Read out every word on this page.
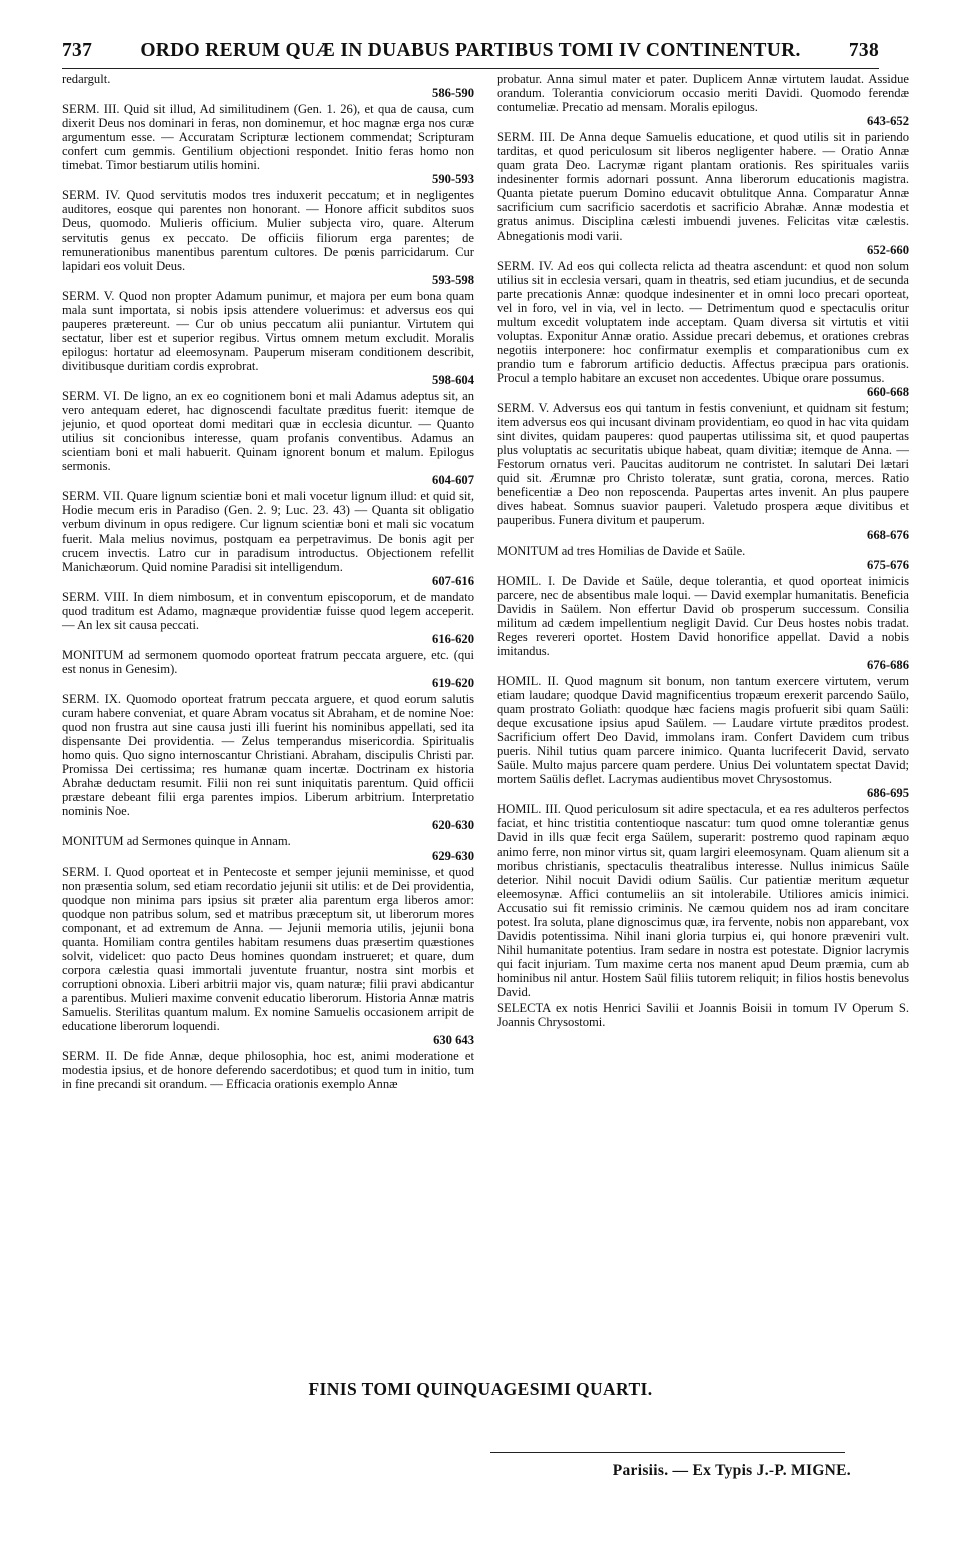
737	ORDO RERUM QUÆ IN DUABUS PARTIBUS TOMI IV CONTINENTUR.	738

redargult.

586-590

SERM. III. Quid sit illud, Ad similitudinem (Gen. 1. 26), et qua de causa, cum dixerit Deus nos dominari in feras, non dominemur, et hoc magnæ erga nos curæ argumentum esse. — Accuratam Scripturæ lectionem commendat; Scripturam confert cum gemmis. Gentilium objectioni respondet. Initio feras homo non timebat. Timor bestiarum utilis homini.

590-593

SERM. IV. Quod servitutis modos tres induxerit peccatum; et in negligentes auditores, eosque qui parentes non honorant. — Honore afficit subditos suos Deus, quomodo. Mulieris officium. Mulier subjecta viro, quare. Alterum servitutis genus ex peccato. De officiis filiorum erga parentes; de remunerationibus manentibus parentum cultores. De pœnis parricidarum. Cur lapidari eos voluit Deus.

593-598

SERM. V. Quod non propter Adamum punimur, et majora per eum bona quam mala sunt importata, si nobis ipsis attendere voluerimus: et adversus eos qui pauperes prætereunt. — Cur ob unius peccatum alii puniantur. Virtutem qui sectatur, liber est et superior regibus. Virtus omnem metum excludit. Moralis epilogus: hortatur ad eleemosynam. Pauperum miseram conditionem describit, divitibusque duritiam cordis exprobrat.

598-604

SERM. VI. De ligno, an ex eo cognitionem boni et mali Adamus adeptus sit, an vero antequam ederet, hac dignoscendi facultate præditus fuerit: itemque de jejunio, et quod oporteat domi meditari quæ in ecclesia dicuntur. — Quanto utilius sit concionibus interesse, quam profanis conventibus. Adamus an scientiam boni et mali habuerit. Quinam ignorent bonum et malum. Epilogus sermonis.

604-607

SERM. VII. Quare lignum scientiæ boni et mali vocetur lignum illud: et quid sit, Hodie mecum eris in Paradiso (Gen. 2. 9; Luc. 23. 43) — Quanta sit obligatio verbum divinum in opus redigere. Cur lignum scientiæ boni et mali sic vocatum fuerit. Mala melius novimus, postquam ea perpetravimus. De bonis agit per crucem invectis. Latro cur in paradisum introductus. Objectionem refellit Manichæorum. Quid nomine Paradisi sit intelligendum.

607-616

SERM. VIII. In diem nimbosum, et in conventum episcoporum, et de mandato quod traditum est Adamo, magnæque providentiæ fuisse quod legem acceperit. — An lex sit causa peccati.

616-620

MONITUM ad sermonem quomodo oporteat fratrum peccata arguere, etc. (qui est nonus in Genesim).

619-620

SERM. IX. Quomodo oporteat fratrum peccata arguere, et quod eorum salutis curam habere conveniat, et quare Abram vocatus sit Abraham, et de nomine Noe: quod non frustra aut sine causa justi illi fuerint his nominibus appellati, sed ita dispensante Dei providentia. — Zelus temperandus misericordia. Spiritualis homo quis. Quo signo internoscantur Christiani. Abraham, discipulis Christi par. Promissa Dei certissima; res humanæ quam incertæ. Doctrinam ex historia Abrahæ deductam resumit. Filii non rei sunt iniquitatis parentum. Quid officii præstare debeant filii erga parentes impios. Liberum arbitrium. Interpretatio nominis Noe.

620-630

MONITUM ad Sermones quinque in Annam.

629-630

SERM. I. Quod oporteat et in Pentecoste et semper jejunii meminisse, et quod non præsentia solum, sed etiam recordatio jejunii sit utilis: et de Dei providentia, quodque non minima pars ipsius sit præter alia parentum erga liberos amor: quodque non patribus solum, sed et matribus præceptum sit, ut liberorum mores componant, et ad extremum de Anna. — Jejunii memoria utilis, jejunii bona quanta. Homiliam contra gentiles habitam resumens duas præsertim quæstiones solvit, videlicet: quo pacto Deus homines quondam instrueret; et quare, dum corpora cælestia quasi immortali juventute fruantur, nostra sint morbis et corruptioni obnoxia. Liberi arbitrii major vis, quam naturæ; filii pravi abdicantur a parentibus. Mulieri maxime convenit educatio liberorum. Historia Annæ matris Samuelis. Sterilitas quantum malum. Ex nomine Samuelis occasionem arripit de educatione liberorum loquendi.

630 643

SERM. II. De fide Annæ, deque philosophia, hoc est, animi moderatione et modestia ipsius, et de honore deferendo sacerdotibus; et quod tum in initio, tum in fine precandi sit orandum. — Efficacia orationis exemplo Annæ

probatur. Anna simul mater et pater. Duplicem Annæ virtutem laudat. Assidue orandum. Tolerantia conviciorum occasio meriti Davidi. Quomodo ferendæ contumeliæ. Precatio ad mensam. Moralis epilogus.

643-652

SERM. III. De Anna deque Samuelis educatione, et quod utilis sit in pariendo tarditas, et quod periculosum sit liberos negligenter habere. — Oratio Annæ quam grata Deo. Lacrymæ rigant plantam orationis. Res spirituales variis indesinenter formis adornari possunt. Anna liberorum educationis magistra. Quanta pietate puerum Domino educavit obtulitque Anna. Comparatur Annæ sacrificium cum sacrificio sacerdotis et sacrificio Abrahæ. Annæ modestia et gratus animus. Disciplina cælesti imbuendi juvenes. Felicitas vitæ cælestis. Abnegationis modi varii.

652-660

SERM. IV. Ad eos qui collecta relicta ad theatra ascendunt: et quod non solum utilius sit in ecclesia versari, quam in theatris, sed etiam jucundius, et de secunda parte precationis Annæ: quodque indesinenter et in omni loco precari oporteat, vel in foro, vel in via, vel in lecto. — Detrimentum quod e spectaculis oritur multum excedit voluptatem inde acceptam. Quam diversa sit virtutis et vitii voluptas. Exponitur Annæ oratio. Assidue precari debemus, et orationes crebras negotiis interponere: hoc confirmatur exemplis et comparationibus cum ex prandio tum e fabrorum artificio deductis. Affectus præcipua pars orationis. Procul a templo habitare an excuset non accedentes. Ubique orare possumus.

660-668

SERM. V. Adversus eos qui tantum in festis conveniunt, et quidnam sit festum; item adversus eos qui incusant divinam providentiam, eo quod in hac vita quidam sint divites, quidam pauperes: quod paupertas utilissima sit, et quod paupertas plus voluptatis ac securitatis ubique habeat, quam divitiæ; itemque de Anna. — Festorum ornatus veri. Paucitas auditorum ne contristet. In salutari Dei lætari quid sit. Ærumnæ pro Christo toleratæ, sunt gratia, corona, merces. Ratio beneficentiæ a Deo non reposcenda. Paupertas artes invenit. An plus paupere dives habeat. Somnus suavior pauperi. Valetudo prospera æque divitibus et pauperibus. Funera divitum et pauperum.

668-676

MONITUM ad tres Homilias de Davide et Saüle.

675-676

HOMIL. I. De Davide et Saüle, deque tolerantia, et quod oporteat inimicis parcere, nec de absentibus male loqui. — David exemplar humanitatis. Beneficia Davidis in Saülem. Non effertur David ob prosperum successum. Consilia militum ad cædem impellentium negligit David. Cur Deus hostes nobis tradat. Reges revereri oportet. Hostem David honorifice appellat. David a nobis imitandus.

676-686

HOMIL. II. Quod magnum sit bonum, non tantum exercere virtutem, verum etiam laudare; quodque David magnificentius tropæum erexerit parcendo Saülo, quam prostrato Goliath: quodque hæc faciens magis profuerit sibi quam Saüli: deque excusatione ipsius apud Saülem. — Laudare virtute præditos prodest. Sacrificium offert Deo David, immolans iram. Confert Davidem cum tribus pueris. Nihil tutius quam parcere inimico. Quanta lucrifecerit David, servato Saüle. Multo majus parcere quam perdere. Unius Dei voluntatem spectat David; mortem Saülis deflet. Lacrymas audientibus movet Chrysostomus.

686-695

HOMIL. III. Quod periculosum sit adire spectacula, et ea res adulteros perfectos faciat, et hinc tristitia contentioque nascatur: tum quod omne tolerantiæ genus David in ills quæ fecit erga Saülem, superarit: postremo quod rapinam æquo animo ferre, non minor virtus sit, quam largiri eleemosynam. Quam alienum sit a moribus christianis, spectaculis theatralibus interesse. Nullus inimicus Saüle deterior. Nihil nocuit Davidi odium Saülis. Cur patientiæ meritum æquetur eleemosynæ. Affici contumeliis an sit intolerabile. Utiliores amicis inimici. Accusatio sui fit remissio criminis. Ne cæmou quidem nos ad iram concitare potest. Ira soluta, plane dignoscimus quæ, ira fervente, nobis non apparebant, vox Davidis potentissima. Nihil inani gloria turpius ei, qui honore præveniri vult. Nihil humanitate potentius. Iram sedare in nostra est potestate. Dignior lacrymis qui facit injuriam. Tum maxime certa nos manent apud Deum præmia, cum ab hominibus nil antur. Hostem Saül filiis tutorem reliquit; in filios hostis benevolus David.

SELECTA ex notis Henrici Savilii et Joannis Boisii in tomum IV Operum S. Joannis Chrysostomi.

FINIS TOMI QUINQUAGESIMI QUARTI.
Parisiis. — Ex Typis J.-P. MIGNE.
